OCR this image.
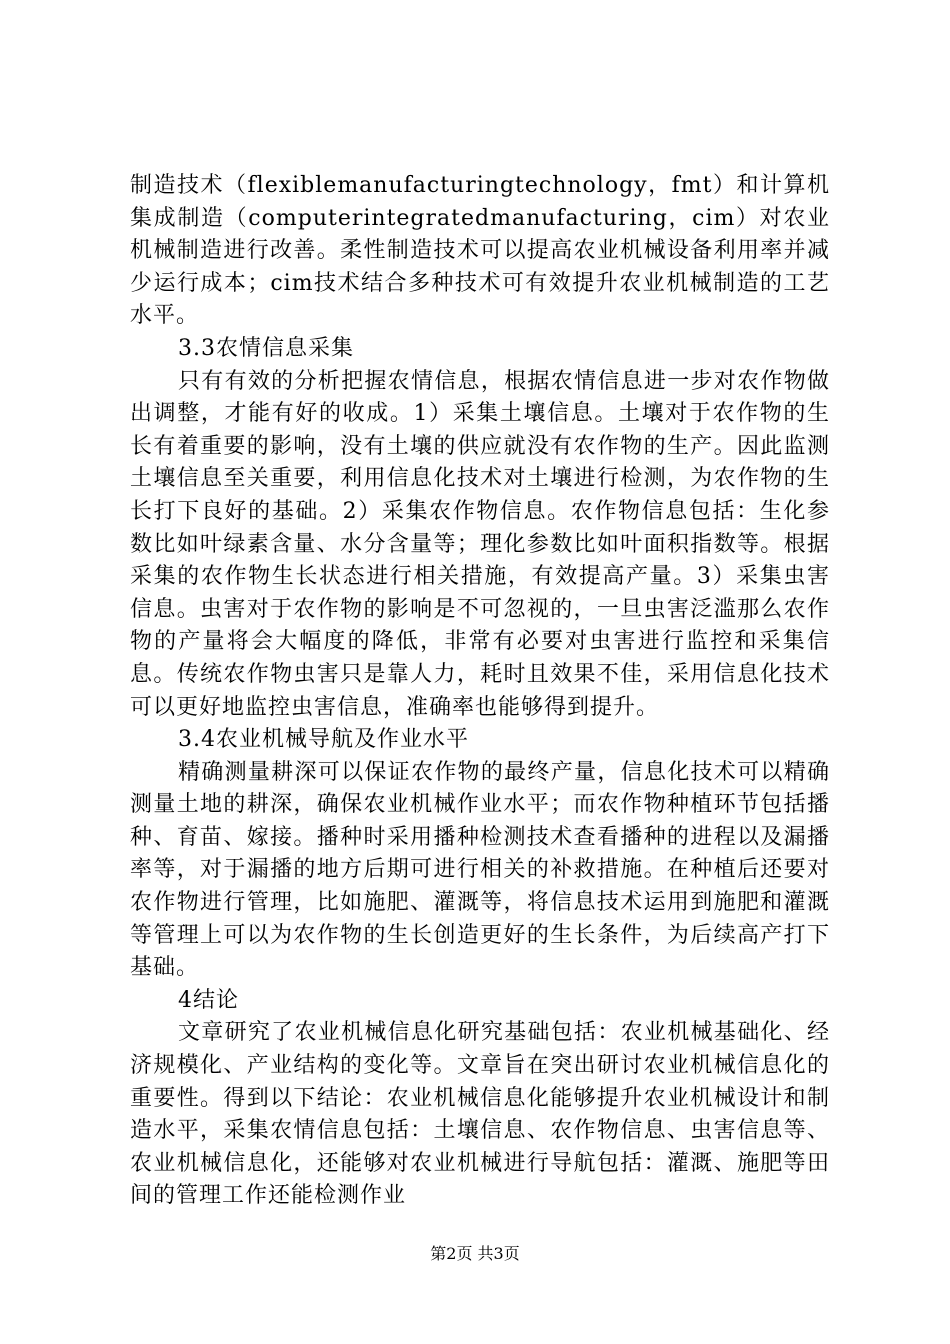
制造技术（flexiblemanufacturingtechnology，fmt）和计算机集成制造（computerintegratedmanufacturing，cim）对农业机械制造进行改善。柔性制造技术可以提高农业机械设备利用率并减少运行成本；cim技术结合多种技术可有效提升农业机械制造的工艺水平。

3.3农情信息采集

只有有效的分析把握农情信息，根据农情信息进一步对农作物做出调整，才能有好的收成。1）采集土壤信息。土壤对于农作物的生长有着重要的影响，没有土壤的供应就没有农作物的生产。因此监测土壤信息至关重要，利用信息化技术对土壤进行检测，为农作物的生长打下良好的基础。2）采集农作物信息。农作物信息包括：生化参数比如叶绿素含量、水分含量等；理化参数比如叶面积指数等。根据采集的农作物生长状态进行相关措施，有效提高产量。3）采集虫害信息。虫害对于农作物的影响是不可忽视的，一旦虫害泛滥那么农作物的产量将会大幅度的降低，非常有必要对虫害进行监控和采集信息。传统农作物虫害只是靠人力，耗时且效果不佳，采用信息化技术可以更好地监控虫害信息，准确率也能够得到提升。

3.4农业机械导航及作业水平

精确测量耕深可以保证农作物的最终产量，信息化技术可以精确测量土地的耕深，确保农业机械作业水平；而农作物种植环节包括播种、育苗、嫁接。播种时采用播种检测技术查看播种的进程以及漏播率等，对于漏播的地方后期可进行相关的补救措施。在种植后还要对农作物进行管理，比如施肥、灌溉等，将信息技术运用到施肥和灌溉等管理上可以为农作物的生长创造更好的生长条件，为后续高产打下基础。

4结论

文章研究了农业机械信息化研究基础包括：农业机械基础化、经济规模化、产业结构的变化等。文章旨在突出研讨农业机械信息化的重要性。得到以下结论：农业机械信息化能够提升农业机械设计和制造水平，采集农情信息包括：土壤信息、农作物信息、虫害信息等、农业机械信息化，还能够对农业机械进行导航包括：灌溉、施肥等田间的管理工作还能检测作业

第2页 共3页
